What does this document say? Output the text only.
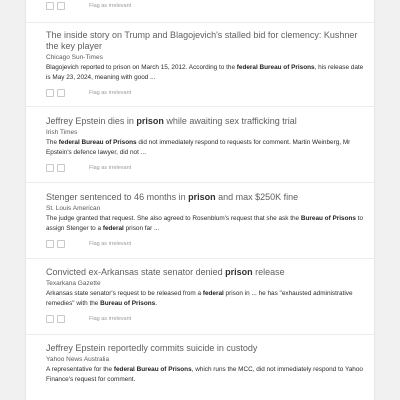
Flag as irrelevant
The inside story on Trump and Blagojevich's stalled bid for clemency: Kushner the key player
Chicago Sun-Times
Blagojevich reported to prison on March 15, 2012. According to the federal Bureau of Prisons, his release date is May 23, 2024, meaning with good ...
Flag as irrelevant
Jeffrey Epstein dies in prison while awaiting sex trafficking trial
Irish Times
The federal Bureau of Prisons did not immediately respond to requests for comment. Martin Weinberg, Mr Epstein's defence lawyer, did not ...
Flag as irrelevant
Stenger sentenced to 46 months in prison and max $250K fine
St. Louis American
The judge granted that request. She also agreed to Rosenblum's request that she ask the Bureau of Prisons to assign Stenger to a federal prison far ...
Flag as irrelevant
Convicted ex-Arkansas state senator denied prison release
Texarkana Gazette
Arkansas state senator's request to be released from a federal prison in ... he has "exhausted administrative remedies" with the Bureau of Prisons.
Flag as irrelevant
Jeffrey Epstein reportedly commits suicide in custody
Yahoo News Australia
A representative for the federal Bureau of Prisons, which runs the MCC, did not immediately respond to Yahoo Finance's request for comment.
